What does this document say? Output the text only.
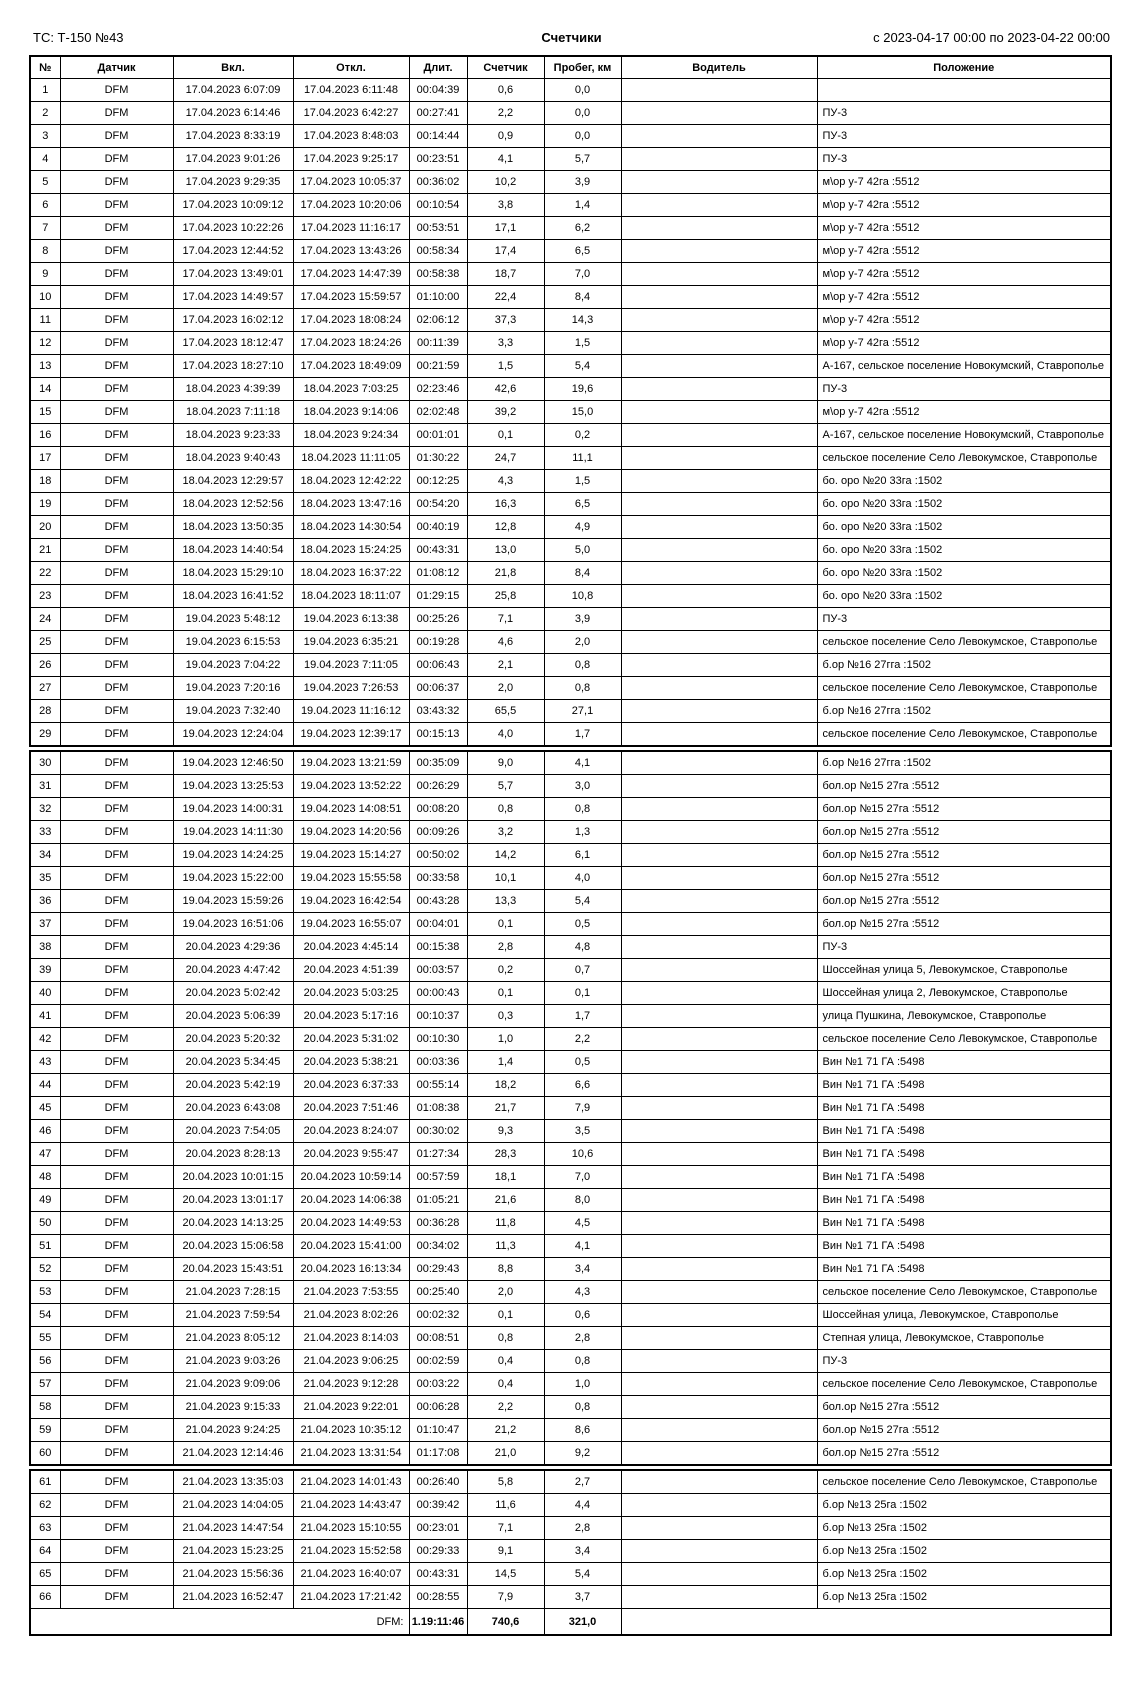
ТС: Т-150 №43	Счетчики	с 2023-04-17 00:00 по 2023-04-22 00:00
№	Датчик	Вкл.	Откл.	Длит.	Счетчик	Пробег, км	Водитель	Положение
1	DFM	17.04.2023 6:07:09	17.04.2023 6:11:48	00:04:39	0,6	0,0		
2	DFM	17.04.2023 6:14:46	17.04.2023 6:42:27	00:27:41	2,2	0,0		ПУ-3
3	DFM	17.04.2023 8:33:19	17.04.2023 8:48:03	00:14:44	0,9	0,0		ПУ-3
4	DFM	17.04.2023 9:01:26	17.04.2023 9:25:17	00:23:51	4,1	5,7		ПУ-3
5	DFM	17.04.2023 9:29:35	17.04.2023 10:05:37	00:36:02	10,2	3,9		м\ор у-7 42га :5512
6	DFM	17.04.2023 10:09:12	17.04.2023 10:20:06	00:10:54	3,8	1,4		м\ор у-7 42га :5512
7	DFM	17.04.2023 10:22:26	17.04.2023 11:16:17	00:53:51	17,1	6,2		м\ор у-7 42га :5512
8	DFM	17.04.2023 12:44:52	17.04.2023 13:43:26	00:58:34	17,4	6,5		м\ор у-7 42га :5512
9	DFM	17.04.2023 13:49:01	17.04.2023 14:47:39	00:58:38	18,7	7,0		м\ор у-7 42га :5512
10	DFM	17.04.2023 14:49:57	17.04.2023 15:59:57	01:10:00	22,4	8,4		м\ор у-7 42га :5512
11	DFM	17.04.2023 16:02:12	17.04.2023 18:08:24	02:06:12	37,3	14,3		м\ор у-7 42га :5512
12	DFM	17.04.2023 18:12:47	17.04.2023 18:24:26	00:11:39	3,3	1,5		м\ор у-7 42га :5512
13	DFM	17.04.2023 18:27:10	17.04.2023 18:49:09	00:21:59	1,5	5,4		А-167, сельское поселение Новокумский, Ставрополье
14	DFM	18.04.2023 4:39:39	18.04.2023 7:03:25	02:23:46	42,6	19,6		ПУ-3
15	DFM	18.04.2023 7:11:18	18.04.2023 9:14:06	02:02:48	39,2	15,0		м\ор у-7 42га :5512
16	DFM	18.04.2023 9:23:33	18.04.2023 9:24:34	00:01:01	0,1	0,2		А-167, сельское поселение Новокумский, Ставрополье
17	DFM	18.04.2023 9:40:43	18.04.2023 11:11:05	01:30:22	24,7	11,1		сельское поселение Село Левокумское, Ставрополье
18	DFM	18.04.2023 12:29:57	18.04.2023 12:42:22	00:12:25	4,3	1,5		бо. оро №20 33га :1502
19	DFM	18.04.2023 12:52:56	18.04.2023 13:47:16	00:54:20	16,3	6,5		бо. оро №20 33га :1502
20	DFM	18.04.2023 13:50:35	18.04.2023 14:30:54	00:40:19	12,8	4,9		бо. оро №20 33га :1502
21	DFM	18.04.2023 14:40:54	18.04.2023 15:24:25	00:43:31	13,0	5,0		бо. оро №20 33га :1502
22	DFM	18.04.2023 15:29:10	18.04.2023 16:37:22	01:08:12	21,8	8,4		бо. оро №20 33га :1502
23	DFM	18.04.2023 16:41:52	18.04.2023 18:11:07	01:29:15	25,8	10,8		бо. оро №20 33га :1502
24	DFM	19.04.2023 5:48:12	19.04.2023 6:13:38	00:25:26	7,1	3,9		ПУ-3
25	DFM	19.04.2023 6:15:53	19.04.2023 6:35:21	00:19:28	4,6	2,0		сельское поселение Село Левокумское, Ставрополье
26	DFM	19.04.2023 7:04:22	19.04.2023 7:11:05	00:06:43	2,1	0,8		б.ор №16 27гга :1502
27	DFM	19.04.2023 7:20:16	19.04.2023 7:26:53	00:06:37	2,0	0,8		сельское поселение Село Левокумское, Ставрополье
28	DFM	19.04.2023 7:32:40	19.04.2023 11:16:12	03:43:32	65,5	27,1		б.ор №16 27гга :1502
29	DFM	19.04.2023 12:24:04	19.04.2023 12:39:17	00:15:13	4,0	1,7		сельское поселение Село Левокумское, Ставрополье
30	DFM	19.04.2023 12:46:50	19.04.2023 13:21:59	00:35:09	9,0	4,1		б.ор №16 27гга :1502
31	DFM	19.04.2023 13:25:53	19.04.2023 13:52:22	00:26:29	5,7	3,0		бол.ор №15 27га :5512
32	DFM	19.04.2023 14:00:31	19.04.2023 14:08:51	00:08:20	0,8	0,8		бол.ор №15 27га :5512
33	DFM	19.04.2023 14:11:30	19.04.2023 14:20:56	00:09:26	3,2	1,3		бол.ор №15 27га :5512
34	DFM	19.04.2023 14:24:25	19.04.2023 15:14:27	00:50:02	14,2	6,1		бол.ор №15 27га :5512
35	DFM	19.04.2023 15:22:00	19.04.2023 15:55:58	00:33:58	10,1	4,0		бол.ор №15 27га :5512
36	DFM	19.04.2023 15:59:26	19.04.2023 16:42:54	00:43:28	13,3	5,4		бол.ор №15 27га :5512
37	DFM	19.04.2023 16:51:06	19.04.2023 16:55:07	00:04:01	0,1	0,5		бол.ор №15 27га :5512
38	DFM	20.04.2023 4:29:36	20.04.2023 4:45:14	00:15:38	2,8	4,8		ПУ-3
39	DFM	20.04.2023 4:47:42	20.04.2023 4:51:39	00:03:57	0,2	0,7		Шоссейная улица 5, Левокумское, Ставрополье
40	DFM	20.04.2023 5:02:42	20.04.2023 5:03:25	00:00:43	0,1	0,1		Шоссейная улица 2, Левокумское, Ставрополье
41	DFM	20.04.2023 5:06:39	20.04.2023 5:17:16	00:10:37	0,3	1,7		улица Пушкина, Левокумское, Ставрополье
42	DFM	20.04.2023 5:20:32	20.04.2023 5:31:02	00:10:30	1,0	2,2		сельское поселение Село Левокумское, Ставрополье
43	DFM	20.04.2023 5:34:45	20.04.2023 5:38:21	00:03:36	1,4	0,5		Вин №1 71 ГА :5498
44	DFM	20.04.2023 5:42:19	20.04.2023 6:37:33	00:55:14	18,2	6,6		Вин №1 71 ГА :5498
45	DFM	20.04.2023 6:43:08	20.04.2023 7:51:46	01:08:38	21,7	7,9		Вин №1 71 ГА :5498
46	DFM	20.04.2023 7:54:05	20.04.2023 8:24:07	00:30:02	9,3	3,5		Вин №1 71 ГА :5498
47	DFM	20.04.2023 8:28:13	20.04.2023 9:55:47	01:27:34	28,3	10,6		Вин №1 71 ГА :5498
48	DFM	20.04.2023 10:01:15	20.04.2023 10:59:14	00:57:59	18,1	7,0		Вин №1 71 ГА :5498
49	DFM	20.04.2023 13:01:17	20.04.2023 14:06:38	01:05:21	21,6	8,0		Вин №1 71 ГА :5498
50	DFM	20.04.2023 14:13:25	20.04.2023 14:49:53	00:36:28	11,8	4,5		Вин №1 71 ГА :5498
51	DFM	20.04.2023 15:06:58	20.04.2023 15:41:00	00:34:02	11,3	4,1		Вин №1 71 ГА :5498
52	DFM	20.04.2023 15:43:51	20.04.2023 16:13:34	00:29:43	8,8	3,4		Вин №1 71 ГА :5498
53	DFM	21.04.2023 7:28:15	21.04.2023 7:53:55	00:25:40	2,0	4,3		сельское поселение Село Левокумское, Ставрополье
54	DFM	21.04.2023 7:59:54	21.04.2023 8:02:26	00:02:32	0,1	0,6		Шоссейная улица, Левокумское, Ставрополье
55	DFM	21.04.2023 8:05:12	21.04.2023 8:14:03	00:08:51	0,8	2,8		Степная улица, Левокумское, Ставрополье
56	DFM	21.04.2023 9:03:26	21.04.2023 9:06:25	00:02:59	0,4	0,8		ПУ-3
57	DFM	21.04.2023 9:09:06	21.04.2023 9:12:28	00:03:22	0,4	1,0		сельское поселение Село Левокумское, Ставрополье
58	DFM	21.04.2023 9:15:33	21.04.2023 9:22:01	00:06:28	2,2	0,8		бол.ор №15 27га :5512
59	DFM	21.04.2023 9:24:25	21.04.2023 10:35:12	01:10:47	21,2	8,6		бол.ор №15 27га :5512
60	DFM	21.04.2023 12:14:46	21.04.2023 13:31:54	01:17:08	21,0	9,2		бол.ор №15 27га :5512
61	DFM	21.04.2023 13:35:03	21.04.2023 14:01:43	00:26:40	5,8	2,7		сельское поселение Село Левокумское, Ставрополье
62	DFM	21.04.2023 14:04:05	21.04.2023 14:43:47	00:39:42	11,6	4,4		б.ор №13 25га :1502
63	DFM	21.04.2023 14:47:54	21.04.2023 15:10:55	00:23:01	7,1	2,8		б.ор №13 25га :1502
64	DFM	21.04.2023 15:23:25	21.04.2023 15:52:58	00:29:33	9,1	3,4		б.ор №13 25га :1502
65	DFM	21.04.2023 15:56:36	21.04.2023 16:40:07	00:43:31	14,5	5,4		б.ор №13 25га :1502
66	DFM	21.04.2023 16:52:47	21.04.2023 17:21:42	00:28:55	7,9	3,7		б.ор №13 25га :1502
DFM:				1.19:11:46	740,6	321,0		
